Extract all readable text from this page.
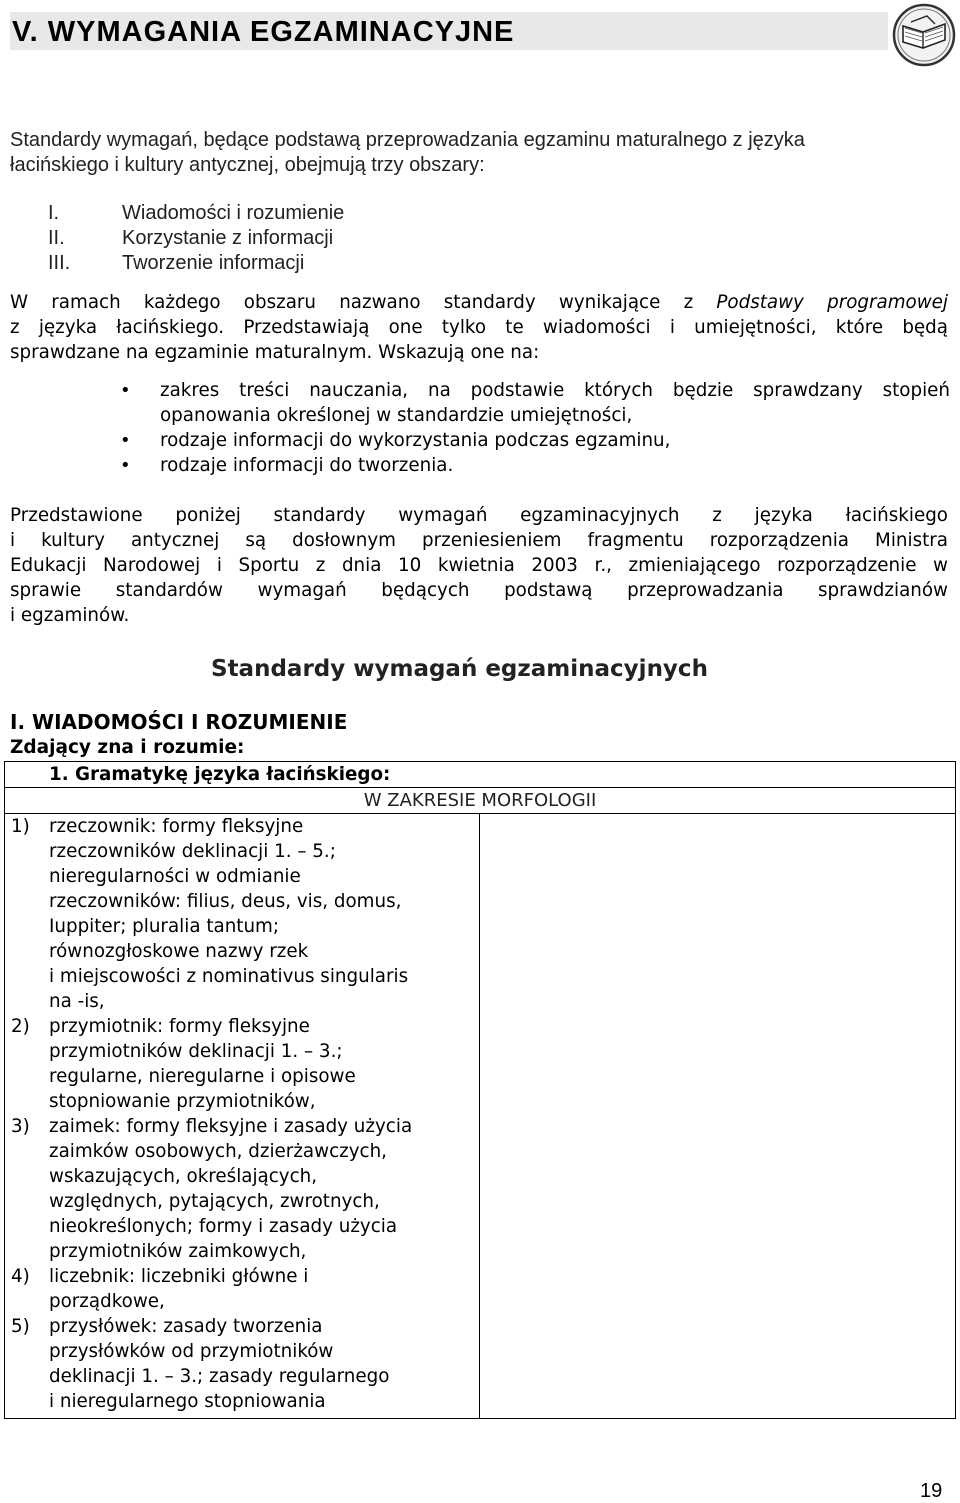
V. WYMAGANIA EGZAMINACYJNE
Standardy wymagań, będące podstawą przeprowadzania egzaminu maturalnego z języka
łacińskiego i kultury antycznej, obejmują trzy obszary:
I.	Wiadomości i rozumienie
II.	Korzystanie z informacji
III.	Tworzenie informacji
W ramach każdego obszaru nazwano standardy wynikające z Podstawy programowej
z języka łacińskiego. Przedstawiają one tylko te wiadomości i umiejętności, które będą
sprawdzane na egzaminie maturalnym. Wskazują one na:
• zakres treści nauczania, na podstawie których będzie sprawdzany stopień
opanowania określonej w standardzie umiejętności,
• rodzaje informacji do wykorzystania podczas egzaminu,
• rodzaje informacji do tworzenia.
Przedstawione poniżej standardy wymagań egzaminacyjnych z języka łacińskiego
i kultury antycznej są dosłownym przeniesieniem fragmentu rozporządzenia Ministra
Edukacji Narodowej i Sportu z dnia 10 kwietnia 2003 r., zmieniającego rozporządzenie w
sprawie standardów wymagań będących podstawą przeprowadzania sprawdzianów
i egzaminów.
Standardy wymagań egzaminacyjnych
I. WIADOMOŚCI I ROZUMIENIE
Zdający zna i rozumie:
1. Gramatykę języka łacińskiego:
W ZAKRESIE MORFOLOGII

1) rzeczownik: formy fleksyjne
rzeczowników deklinacji 1. – 5.;
nieregularności w odmianie
rzeczowników: filius, deus, vis, domus,
Iuppiter; pluralia tantum;
równozgłoskowe nazwy rzek
i miejscowości z nominativus singularis
na -is,
2) przymiotnik: formy fleksyjne
przymiotników deklinacji 1. – 3.;
regularne, nieregularne i opisowe
stopniowanie przymiotników,
3) zaimek: formy fleksyjne i zasady użycia
zaimków osobowych, dzierżawczych,
wskazujących, określających,
względnych, pytających, zwrotnych,
nieokreślonych; formy i zasady użycia
przymiotników zaimkowych,
4) liczebnik: liczebniki główne i
porządkowe,
5) przysłówek: zasady tworzenia
przysłówków od przymiotników
deklinacji 1. – 3.; zasady regularnego
i nieregularnego stopniowania

19
